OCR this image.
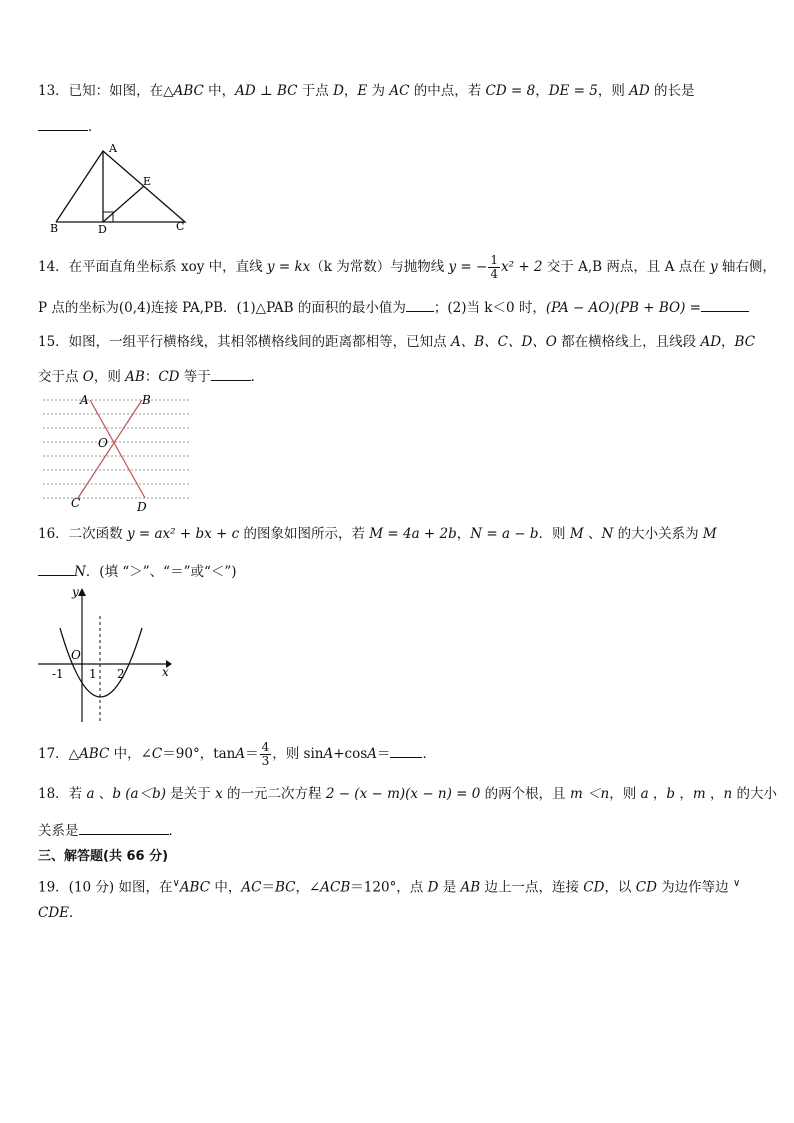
13．已知：如图，在△ABC 中，AD ⊥ BC 于点 D，E 为 AC 的中点，若 CD = 8，DE = 5，则 AD 的长是
．
A
E
B	D	C
14．在平面直角坐标系 xoy 中，直线 y = kx（k 为常数）与抛物线 y = − $\frac{1}{4} x^2 + 2$ 交于 A,B 两点，且 A 点在 y 轴右侧，
P 点的坐标为(0,4)连接 PA,PB．(1)△PAB 的面积的最小值为 ；(2)当 k＜0 时，(PA − AO)(PB + BO) =
15．如图，一组平行横格线，其相邻横格线间的距离都相等，已知点 A、B、C、D、O 都在横格线上，且线段 AD，BC
交于点 O，则 AB：CD 等于	．
A	B
O
C	D
16．二次函数 y = ax² + bx + c 的图象如图所示，若 M = 4a + 2b，N = a − b．则 M 、N 的大小关系为 M
N．(填 “＞”、“＝”或“＜”)
y
x
O
-1 1 2
17．△ABC 中，∠C＝90°，$\tan A= \frac{4}{3}$ ，则 sinA+cosA＝ ．
18．若 a 、b (a＜b) 是关于 x 的一元二次方程 2 − (x − m)(x − n) = 0 的两个根，且 m ＜n，则 a ，b ，m ，n 的大小
关系是	．
三、解答题(共 66 分)
19．(10 分) 如图，在∨ABC 中，AC＝BC，∠ACB＝120°，点 D 是 AB 边上一点，连接 CD，以 CD 为边作等边 ∨
CDE．
